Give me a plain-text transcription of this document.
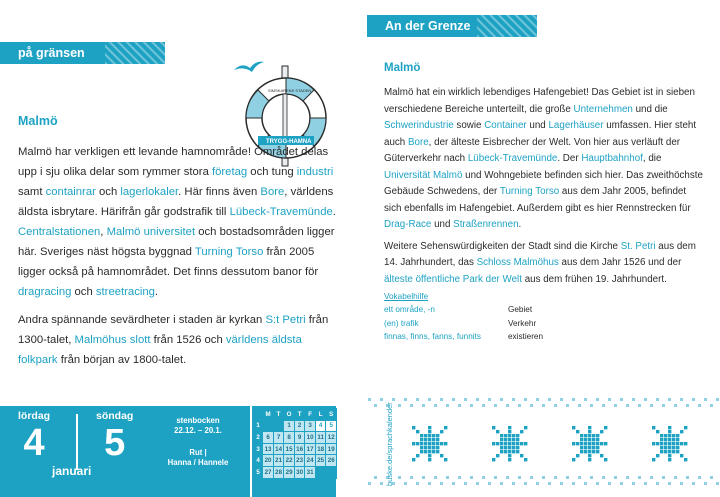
på gränsen
SIMSKARENS STADEN
TRYGG-HAMNA
Malmö

Malmö har verkligen ett levande hamnområde! Området delas upp i sju olika delar som rymmer stora företag och tung industri samt containrar och lagerlokaler. Här finns även Bore, världens äldsta isbrytare. Härifrån går godstrafik till Lübeck-Travemünde. Centralstationen, Malmö universitet och bostadsområden ligger här. Sveriges näst högsta byggnad Turning Torso från 2005 ligger också på hamnområdet. Det finns dessutom banor för dragracing och streetracing.

Andra spännande sevärdheter i staden är kyrkan S:t Petri från 1300-talet, Malmöhus slott från 1526 och världens äldsta folkpark från början av 1800-talet.

lördag
4
söndag
5
januari
stenbocken
22.12. – 20.1.
Rut |
Hanna / Hannele
	M	T	O	T	F	L	S
1			1	2	3	4	5
2	6	7	8	9	10	11	12
3	13	14	15	16	17	18	19
4	20	21	22	23	24	25	26
5	27	28	29	30	31		
An der Grenze
Malmö

Malmö hat ein wirklich lebendiges Hafengebiet! Das Gebiet ist in sieben verschiedene Bereiche unterteilt, die große Unternehmen und die Schwerindustrie sowie Container und Lagerhäuser umfassen. Hier steht auch Bore, der älteste Eisbrecher der Welt. Von hier aus verläuft der Güterverkehr nach Lübeck-Travemünde. Der Hauptbahnhof, die Universität Malmö und Wohngebiete befinden sich hier. Das zweithöchste Gebäude Schwedens, der Turning Torso aus dem Jahr 2005, befindet sich ebenfalls im Hafengebiet. Außerdem gibt es hier Rennstrecken für Drag-Race und Straßenrennen.

Weitere Sehenswürdigkeiten der Stadt sind die Kirche St. Petri aus dem 14. Jahrhundert, das Schloss Malmöhus aus dem Jahr 1526 und der älteste öffentliche Park der Welt aus dem frühen 19. Jahrhundert.

Vokabelhilfe
ett område, -n	Gebiet
(en) trafik	Verkehr
finnas, finns, fanns, funnits	existieren
buske.de/sprachkalender
